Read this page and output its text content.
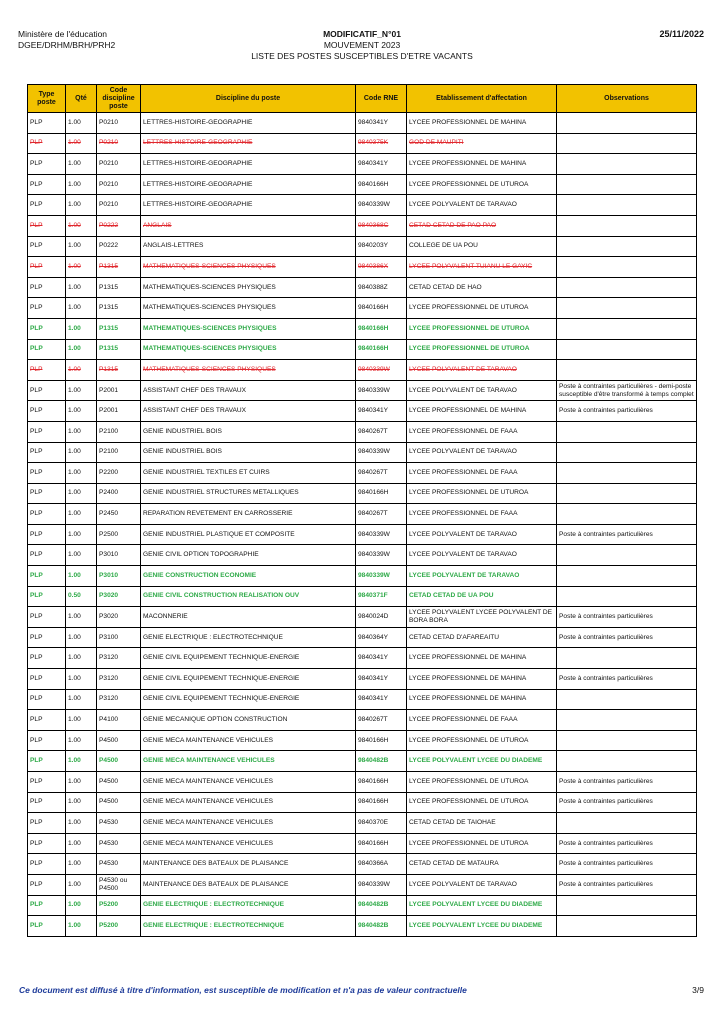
Ministère de l'éducation
DGEE/DRHM/BRH/PRH2
MODIFICATIF_N°01
MOUVEMENT 2023
LISTE DES POSTES SUSCEPTIBLES D'ETRE VACANTS
25/11/2022
Type poste	Qté	Code discipline poste	Discipline du poste	Code RNE	Etablissement d'affectation	Observations
PLP	1.00	P0210	LETTRES-HISTOIRE-GEOGRAPHIE	9840341Y	LYCEE PROFESSIONNEL DE MAHINA	
PLP	1.00	P0210	LETTRES-HISTOIRE-GEOGRAPHIE	9840375K	GOD DE MAUPITI	
PLP	1.00	P0210	LETTRES-HISTOIRE-GEOGRAPHIE	9840341Y	LYCEE PROFESSIONNEL DE MAHINA	
PLP	1.00	P0210	LETTRES-HISTOIRE-GEOGRAPHIE	9840166H	LYCEE PROFESSIONNEL DE UTUROA	
PLP	1.00	P0210	LETTRES-HISTOIRE-GEOGRAPHIE	9840339W	LYCEE POLYVALENT DE TARAVAO	
PLP	1.00	P0222	ANGLAIS	9840368C	CETAD CETAD DE PAO PAO	
PLP	1.00	P0222	ANGLAIS-LETTRES	9840203Y	COLLEGE DE UA POU	
PLP	1.00	P1315	MATHEMATIQUES-SCIENCES PHYSIQUES	9840386X	LYCEE POLYVALENT TUIANU LE GAYIC	
PLP	1.00	P1315	MATHEMATIQUES-SCIENCES PHYSIQUES	9840388Z	CETAD CETAD DE HAO	
PLP	1.00	P1315	MATHEMATIQUES-SCIENCES PHYSIQUES	9840166H	LYCEE PROFESSIONNEL DE UTUROA	
PLP	1.00	P1315	MATHEMATIQUES-SCIENCES PHYSIQUES	9840166H	LYCEE PROFESSIONNEL DE UTUROA	
PLP	1.00	P1315	MATHEMATIQUES-SCIENCES PHYSIQUES	9840166H	LYCEE PROFESSIONNEL DE UTUROA	
PLP	1.00	P1315	MATHEMATIQUES-SCIENCES PHYSIQUES	9840339W	LYCEE POLYVALENT DE TARAVAO	
PLP	1.00	P2001	ASSISTANT CHEF DES TRAVAUX	9840339W	LYCEE POLYVALENT DE TARAVAO	Poste à contraintes particulières - demi-poste susceptible d'être transformé à temps complet
PLP	1.00	P2001	ASSISTANT CHEF DES TRAVAUX	9840341Y	LYCEE PROFESSIONNEL DE MAHINA	Poste à contraintes particulières
PLP	1.00	P2100	GENIE INDUSTRIEL BOIS	9840267T	LYCEE PROFESSIONNEL DE FAAA	
PLP	1.00	P2100	GENIE INDUSTRIEL BOIS	9840339W	LYCEE POLYVALENT DE TARAVAO	
PLP	1.00	P2200	GENIE INDUSTRIEL TEXTILES ET CUIRS	9840267T	LYCEE PROFESSIONNEL DE FAAA	
PLP	1.00	P2400	GENIE INDUSTRIEL STRUCTURES METALLIQUES	9840166H	LYCEE PROFESSIONNEL DE UTUROA	
PLP	1.00	P2450	REPARATION REVETEMENT EN CARROSSERIE	9840267T	LYCEE PROFESSIONNEL DE FAAA	
PLP	1.00	P2500	GENIE INDUSTRIEL PLASTIQUE ET COMPOSITE	9840339W	LYCEE POLYVALENT DE TARAVAO	Poste à contraintes particulières
PLP	1.00	P3010	GENIE CIVIL OPTION TOPOGRAPHIE	9840339W	LYCEE POLYVALENT DE TARAVAO	
PLP	1.00	P3010	GENIE CONSTRUCTION ECONOMIE	9840339W	LYCEE POLYVALENT DE TARAVAO	
PLP	0.50	P3020	GENIE CIVIL CONSTRUCTION REALISATION OUV	9840371F	CETAD CETAD DE UA POU	
PLP	1.00	P3020	MACONNERIE	9840024D	LYCEE POLYVALENT LYCEE POLYVALENT DE BORA BORA	Poste à contraintes particulières
PLP	1.00	P3100	GENIE ELECTRIQUE : ELECTROTECHNIQUE	9840364Y	CETAD CETAD D'AFAREAITU	Poste à contraintes particulières
PLP	1.00	P3120	GENIE CIVIL EQUIPEMENT TECHNIQUE-ENERGIE	9840341Y	LYCEE PROFESSIONNEL DE MAHINA	
PLP	1.00	P3120	GENIE CIVIL EQUIPEMENT TECHNIQUE-ENERGIE	9840341Y	LYCEE PROFESSIONNEL DE MAHINA	Poste à contraintes particulières
PLP	1.00	P3120	GENIE CIVIL EQUIPEMENT TECHNIQUE-ENERGIE	9840341Y	LYCEE PROFESSIONNEL DE MAHINA	
PLP	1.00	P4100	GENIE MECANIQUE OPTION CONSTRUCTION	9840267T	LYCEE PROFESSIONNEL DE FAAA	
PLP	1.00	P4500	GENIE MECA MAINTENANCE VEHICULES	9840166H	LYCEE PROFESSIONNEL DE UTUROA	
PLP	1.00	P4500	GENIE MECA MAINTENANCE VEHICULES	9840482B	LYCEE POLYVALENT LYCEE DU DIADEME	
PLP	1.00	P4500	GENIE MECA MAINTENANCE VEHICULES	9840166H	LYCEE PROFESSIONNEL DE UTUROA	Poste à contraintes particulières
PLP	1.00	P4500	GENIE MECA MAINTENANCE VEHICULES	9840166H	LYCEE PROFESSIONNEL DE UTUROA	Poste à contraintes particulières
PLP	1.00	P4530	GENIE MECA MAINTENANCE VEHICULES	9840370E	CETAD CETAD DE TAIOHAE	
PLP	1.00	P4530	GENIE MECA MAINTENANCE VEHICULES	9840166H	LYCEE PROFESSIONNEL DE UTUROA	Poste à contraintes particulières
PLP	1.00	P4530	MAINTENANCE DES BATEAUX DE PLAISANCE	9840366A	CETAD CETAD DE MATAURA	Poste à contraintes particulières
PLP	1.00	P4530 ou P4500	MAINTENANCE DES BATEAUX DE PLAISANCE	9840339W	LYCEE POLYVALENT DE TARAVAO	Poste à contraintes particulières
PLP	1.00	P5200	GENIE ELECTRIQUE : ELECTROTECHNIQUE	9840482B	LYCEE POLYVALENT LYCEE DU DIADEME	
PLP	1.00	P5200	GENIE ELECTRIQUE : ELECTROTECHNIQUE	9840482B	LYCEE POLYVALENT LYCEE DU DIADEME	
Ce document est diffusé à titre d'information, est susceptible de modification et n'a pas de valeur contractuelle	3/9
